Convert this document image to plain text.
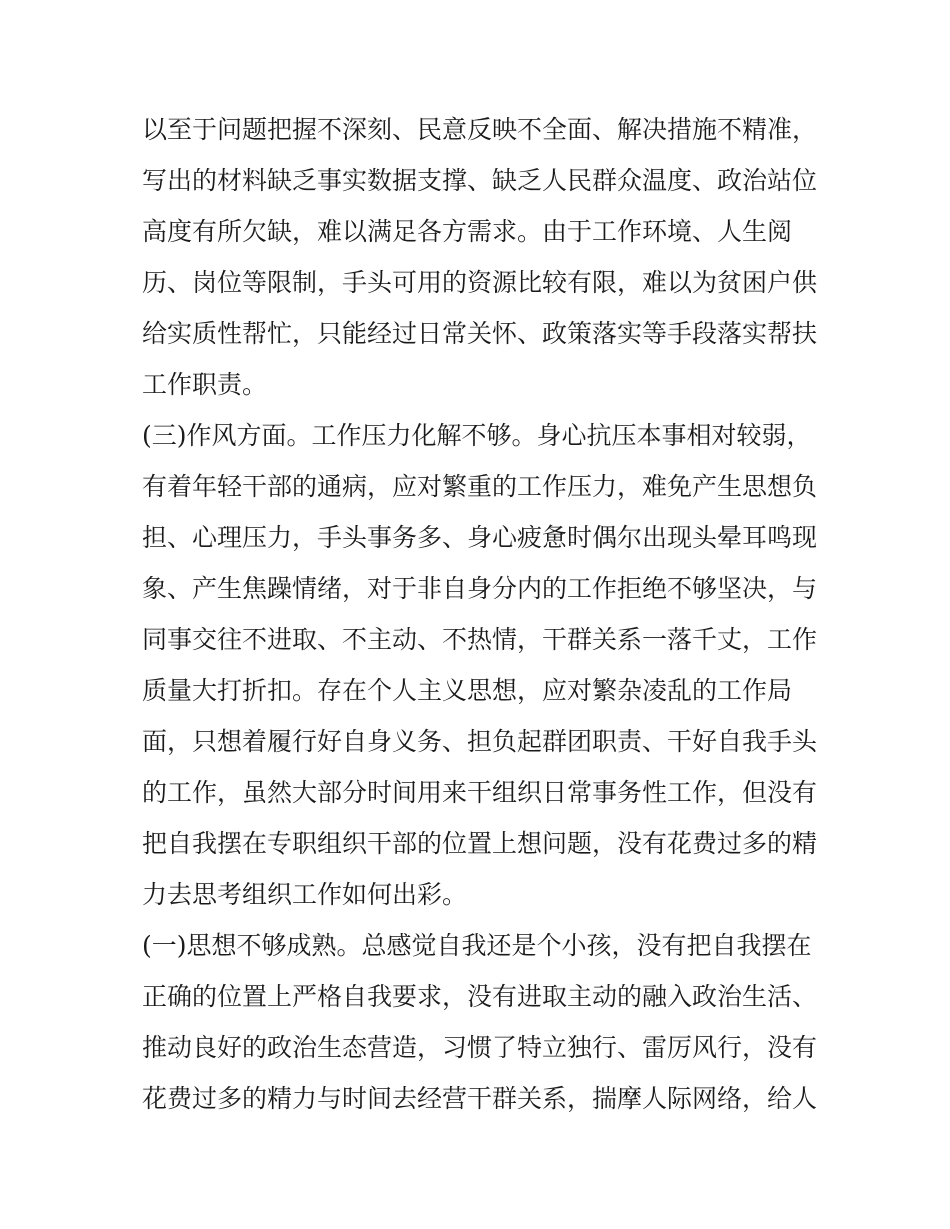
以至于问题把握不深刻、民意反映不全面、解决措施不精准，
写出的材料缺乏事实数据支撑、缺乏人民群众温度、政治站位
高度有所欠缺，难以满足各方需求。由于工作环境、人生阅
历、岗位等限制，手头可用的资源比较有限，难以为贫困户供
给实质性帮忙，只能经过日常关怀、政策落实等手段落实帮扶
工作职责。
(三)作风方面。工作压力化解不够。身心抗压本事相对较弱，
有着年轻干部的通病，应对繁重的工作压力，难免产生思想负
担、心理压力，手头事务多、身心疲惫时偶尔出现头晕耳鸣现
象、产生焦躁情绪，对于非自身分内的工作拒绝不够坚决，与
同事交往不进取、不主动、不热情，干群关系一落千丈，工作
质量大打折扣。存在个人主义思想，应对繁杂凌乱的工作局
面，只想着履行好自身义务、担负起群团职责、干好自我手头
的工作，虽然大部分时间用来干组织日常事务性工作，但没有
把自我摆在专职组织干部的位置上想问题，没有花费过多的精
力去思考组织工作如何出彩。
(一)思想不够成熟。总感觉自我还是个小孩，没有把自我摆在
正确的位置上严格自我要求，没有进取主动的融入政治生活、
推动良好的政治生态营造，习惯了特立独行、雷厉风行，没有
花费过多的精力与时间去经营干群关系，揣摩人际网络，给人
